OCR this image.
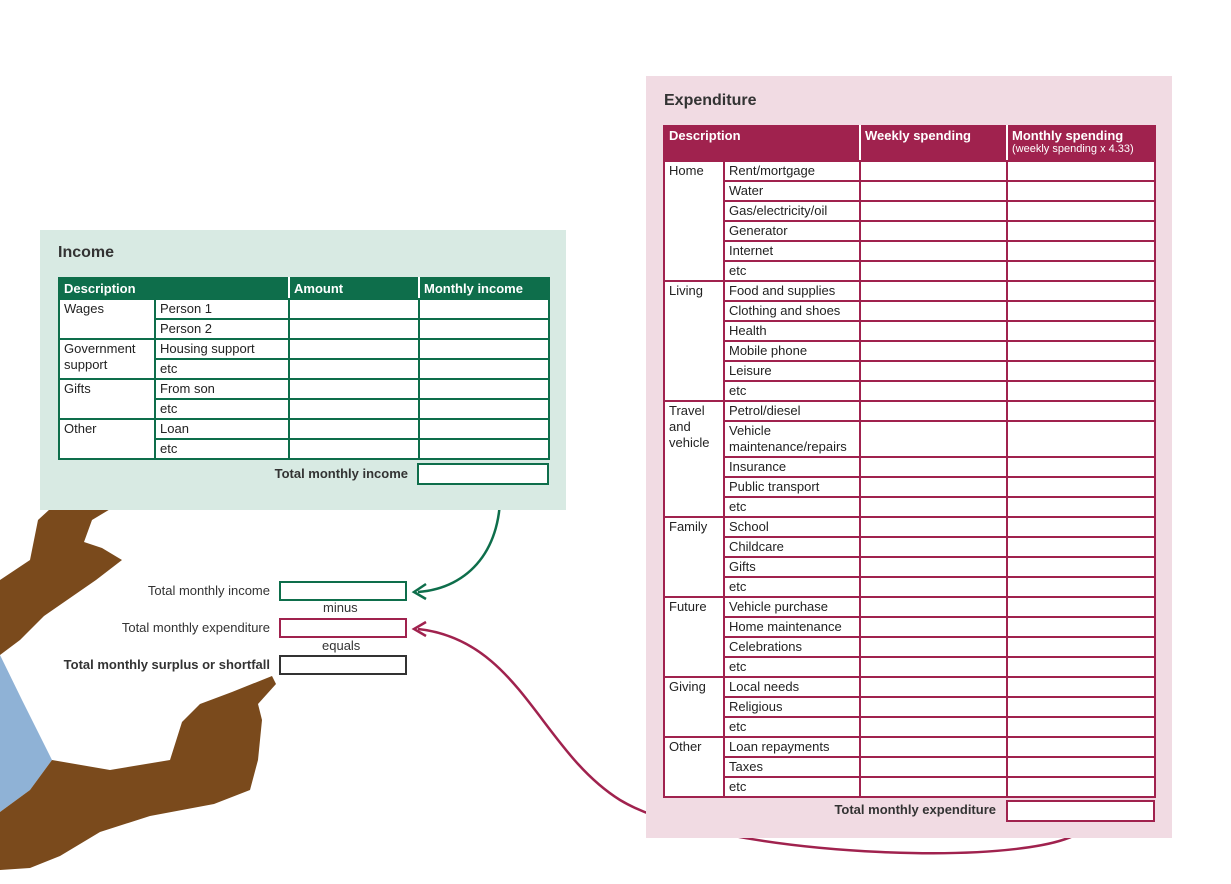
Income
Description		Amount	Monthly income
Wages	Person 1		
	Person 2		
Government support	Housing support		
	etc		
Gifts	From son		
	etc		
Other	Loan		
	etc		
Total monthly income
Expenditure
Description		Weekly spending	Monthly spending
(weekly spending x 4.33)

Home	Rent/mortgage		
	Water		
	Gas/electricity/oil		
	Generator		
	Internet		
	etc		
Living	Food and supplies		
	Clothing and shoes		
	Health		
	Mobile phone		
	Leisure		
	etc		
Travel and vehicle	Petrol/diesel		
	Vehicle maintenance/repairs		
	Insurance		
	Public transport		
	etc		
Family	School		
	Childcare		
	Gifts		
	etc		
Future	Vehicle purchase		
	Home maintenance		
	Celebrations		
	etc		
Giving	Local needs		
	Religious		
	etc		
Other	Loan repayments		
	Taxes		
	etc		
Total monthly expenditure
Total monthly income
minus
Total monthly expenditure
equals
Total monthly surplus or shortfall
